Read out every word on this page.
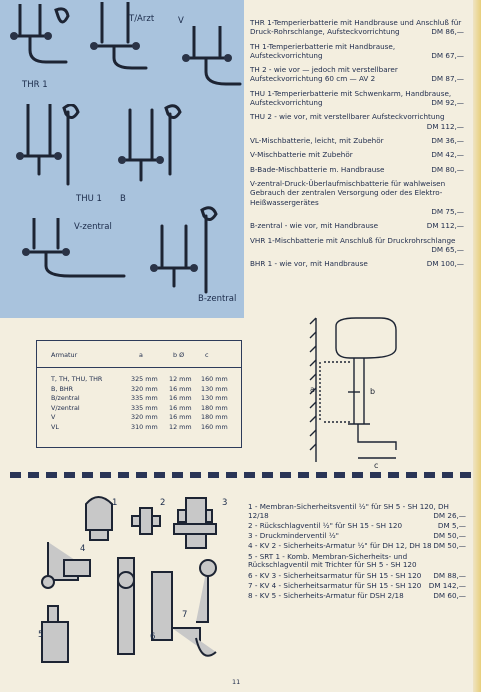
THR 1
T/Arzt	V
THU 1 B
V-zentral
B-zentral
THR 1-Temperierbatterie mit Handbrause und Anschluß für Druck-Rohrschlange, Aufsteckvorrichtung	DM 86,—
TH 1-Temperierbatterie mit Handbrause, Aufsteckvorrichtung	DM 67,—
TH 2 - wie vor — jedoch mit verstellbarer Aufsteckvorrichtung 60 cm — AV 2	DM 87,—
THU 1-Temperierbatterie mit Schwenkarm, Handbrause, Aufsteckvorrichtung	DM 92,—
THU 2 - wie vor, mit verstellbarer Aufsteckvorrichtung
DM 112,—
VL-Mischbatterie, leicht, mit Zubehör	DM 36,—
V-Mischbatterie mit Zubehör	DM 42,—
B-Bade-Mischbatterie m. Handbrause	DM 80,—
V-zentral-Druck-Überlaufmischbatterie für wahlweisen Gebrauch der zentralen Versorgung oder des Elektro-Heißwassergerätes
DM 75,—
B-zentral - wie vor, mit Handbrause	DM 112,—
VHR 1-Mischbatterie mit Anschluß für Druckrohrschlange
DM 65,—
BHR 1 - wie vor, mit Handbrause	DM 100,—
Armatur	a	b Ø	c
T, TH, THU, THR	325 mm 12 mm 160 mm
B, BHR	320 mm 16 mm 130 mm
B/zentral	335 mm 16 mm 130 mm
V/zentral	335 mm 16 mm 180 mm
V	320 mm 16 mm 180 mm
VL	310 mm 12 mm 160 mm
a	b
c
1	2	3
4
5	6
7
1 - Membran-Sicherheitsventil ½" für SH 5 - SH 120, DH 12/18	DM 26,—
2 - Rückschlagventil ½" für SH 15 - SH 120	DM 5,—
3 - Druckminderventil ½"	DM 50,—
4 - KV 2 - Sicherheits-Armatur ½" für DH 12, DH 18 DM 50,—
5 - SRT 1 - Komb. Membran-Sicherheits- und Rückschlagventil mit Trichter für SH 5 - SH 120
6 - KV 3 - Sicherheitsarmatur für SH 15 - SH 120 DM 88,—
7 - KV 4 - Sicherheitsarmatur für SH 15 - SH 120 DM 142,—
8 - KV 5 - Sicherheits-Armatur für DSH 2/18	DM 60,—
11
